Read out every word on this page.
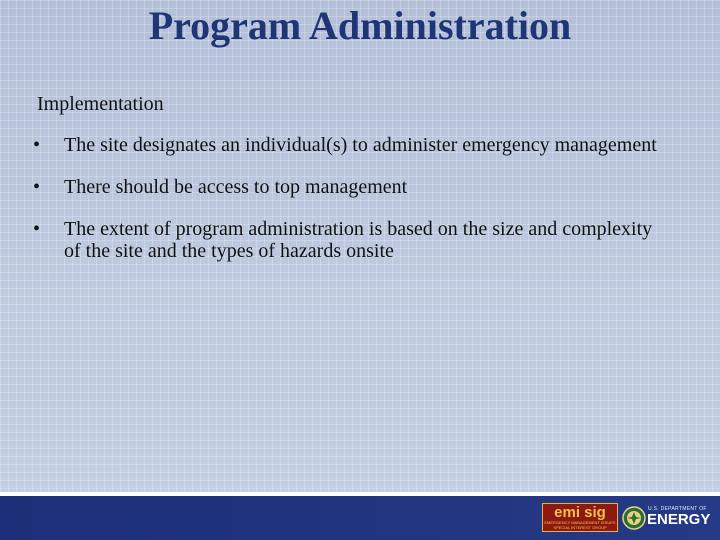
Program Administration
Implementation
•	The site designates an individual(s) to administer emergency management
•	There should be access to top management
•	The extent of program administration is based on the size and complexity of the site and the types of hazards onsite
emi sig
EMERGENCY MANAGEMENT ISSUES
SPECIAL INTEREST GROUP
U.S. DEPARTMENT OF
ENERGY
